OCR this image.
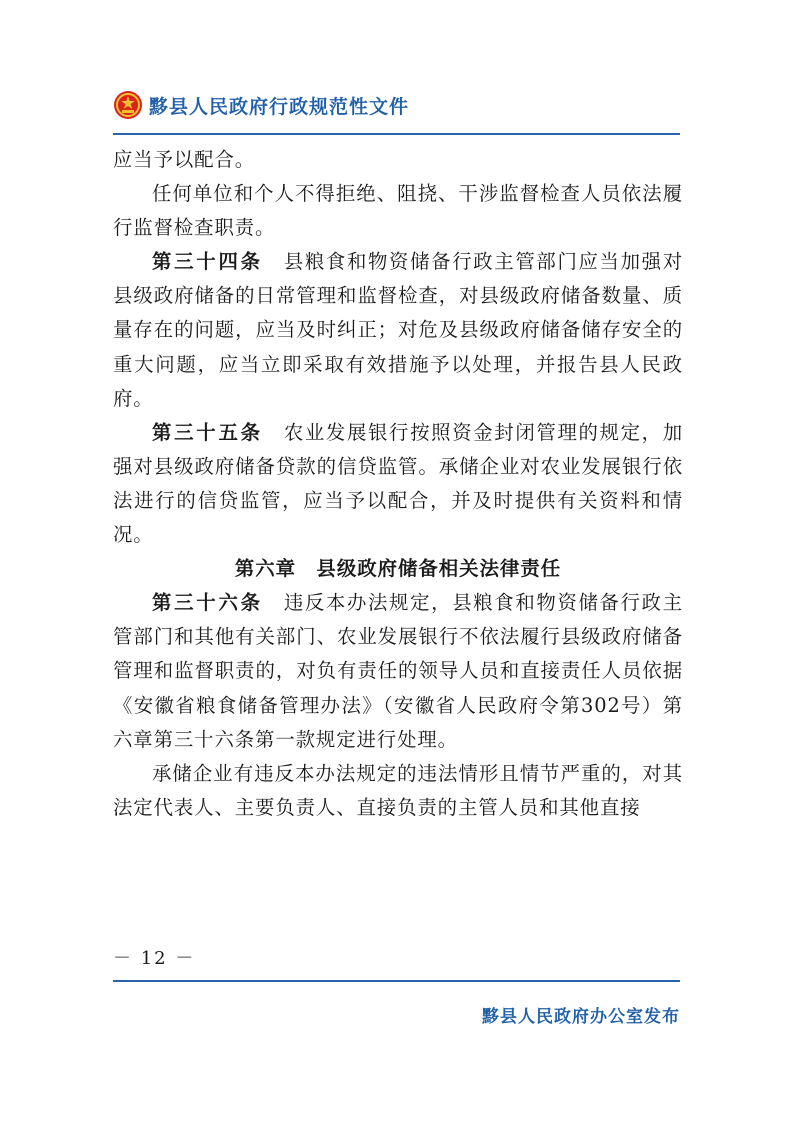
黟县人民政府行政规范性文件

应当予以配合。

任何单位和个人不得拒绝、阻挠、干涉监督检查人员依法履行监督检查职责。

第三十四条　 县粮食和物资储备行政主管部门应当加强对县级政府储备的日常管理和监督检查，对县级政府储备数量、质量存在的问题，应当及时纠正；对危及县级政府储备储存安全的重大问题，应当立即采取有效措施予以处理，并报告县人民政府。

第三十五条　 农业发展银行按照资金封闭管理的规定，加强对县级政府储备贷款的信贷监管。承储企业对农业发展银行依法进行的信贷监管，应当予以配合，并及时提供有关资料和情况。

第六章　县级政府储备相关法律责任

第三十六条　 违反本办法规定，县粮食和物资储备行政主管部门和其他有关部门、农业发展银行不依法履行县级政府储备管理和监督职责的，对负有责任的领导人员和直接责任人员依据《安徽省粮食储备管理办法》（安徽省人民政府令第302号）第六章第三十六条第一款规定进行处理。

承储企业有违反本办法规定的违法情形且情节严重的，对其法定代表人、主要负责人、直接负责的主管人员和其他直接

－ 12 －
黟县人民政府办公室发布
